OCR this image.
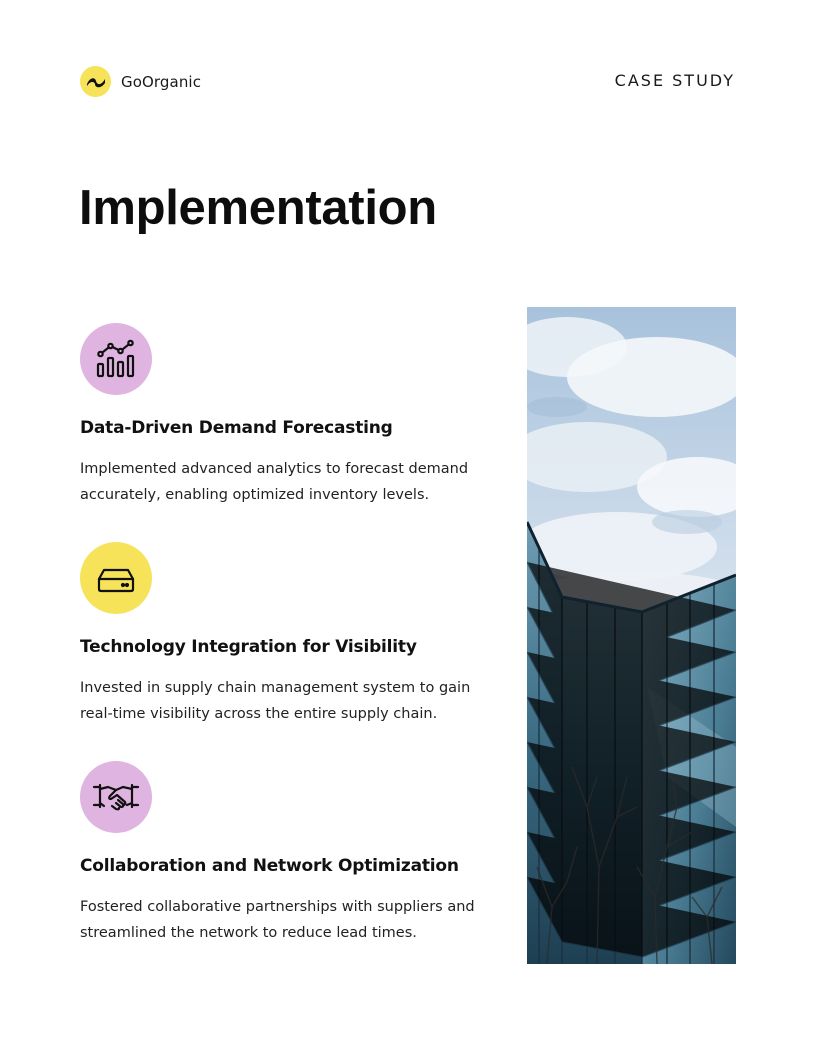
GoOrganic	CASE STUDY
Implementation
Data-Driven Demand Forecasting

Implemented advanced analytics to forecast demand accurately, enabling optimized inventory levels.

Technology Integration for Visibility

Invested in supply chain management system to gain real-time visibility across the entire supply chain.

Collaboration and Network Optimization

Fostered collaborative partnerships with suppliers and streamlined the network to reduce lead times.
